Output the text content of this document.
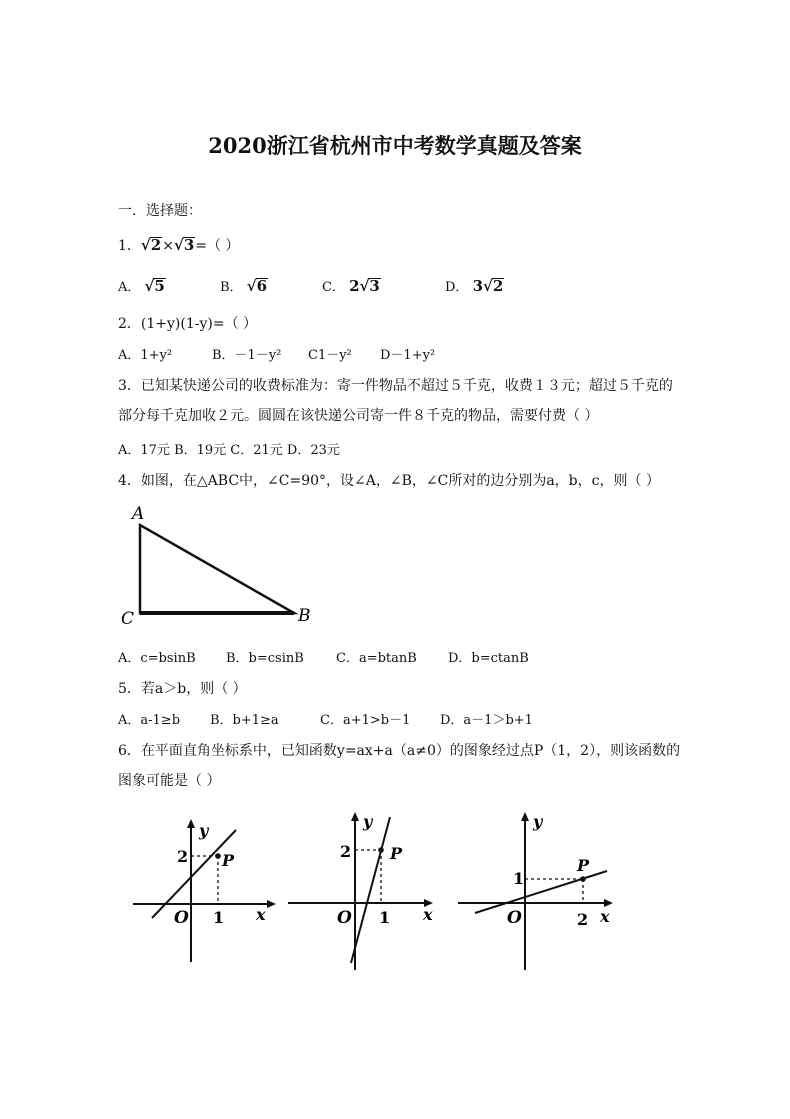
2020浙江省杭州市中考数学真题及答案
一．选择题：
1．√2×√3=（ ）
A． √5	B． √6	C． 2√3	D． 3√2
2．(1+y)(1-y)=（ ）
A．1+y²	B．－1－y² C1－y² D－1+y²
3．已知某快递公司的收费标准为：寄一件物品不超过５千克，收费１３元；超过５千克的
部分每千克加收２元。圆圆在该快递公司寄一件８千克的物品，需要付费（ ）
A．17元 B．19元 C．21元 D．23元
4．如图，在△ABC中，∠C=90°，设∠A，∠B，∠C所对的边分别为a，b，c，则（ ）
A
C	B
A．c=bsinB B．b=csinB C．a=btanB D．b=ctanB
5．若a＞b，则（ ）
A．a-1≥b B．b+1≥a	C．a+1>b－1 D．a－1＞b+1
6．在平面直角坐标系中，已知函数y=ax+a（a≠0）的图象经过点P（1，2），则该函数的
图象可能是（ ）
y
x
O
P
2
1
y
x
O
P
2
1
y
x
O
P
1
2
